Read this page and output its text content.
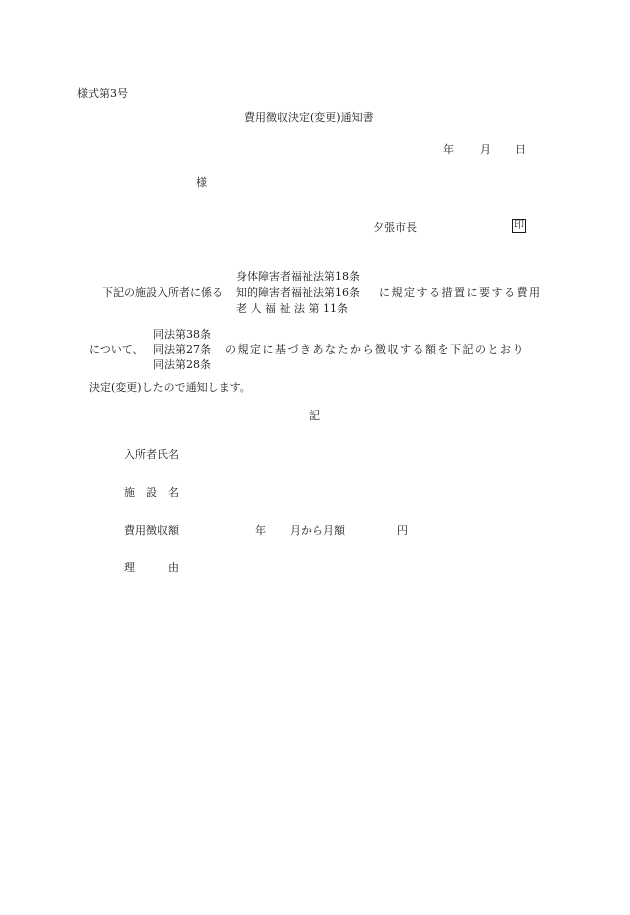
様式第3号
費用徴収決定(変更)通知書
年 月 日
様
夕張市長	印
身体障害者福祉法第18条
下記の施設入所者に係る 知的障害者福祉法第16条 に規定する措置に要する費用
老 人 福 祉 法 第 11条
同法第38条
について、 同法第27条 の規定に基づきあなたから徴収する額を下記のとおり
同法第28条
決定(変更)したので通知します。
記
入所者氏名
施　設　名
費用徴収額	年 月から月額	円
理　　　由
